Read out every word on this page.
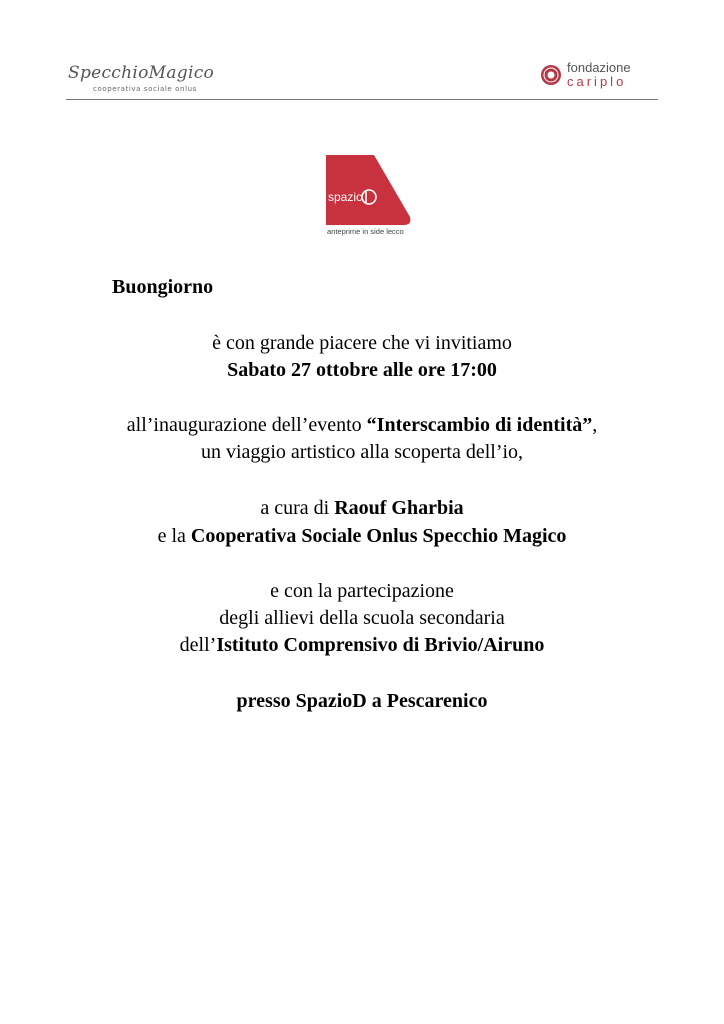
SpecchioMagico
cooperativa sociale onlus
fondazione
cariplo
spazio
anteprime in side lecco
Buongiorno
è con grande piacere che vi invitiamo
Sabato 27 ottobre alle ore 17:00
all’inaugurazione dell’evento “Interscambio di identità”,
un viaggio artistico alla scoperta dell’io,
a cura di Raouf Gharbia
e la Cooperativa Sociale Onlus Specchio Magico
e con la partecipazione
degli allievi della scuola secondaria
dell’Istituto Comprensivo di Brivio/Airuno
presso SpazioD a Pescarenico
